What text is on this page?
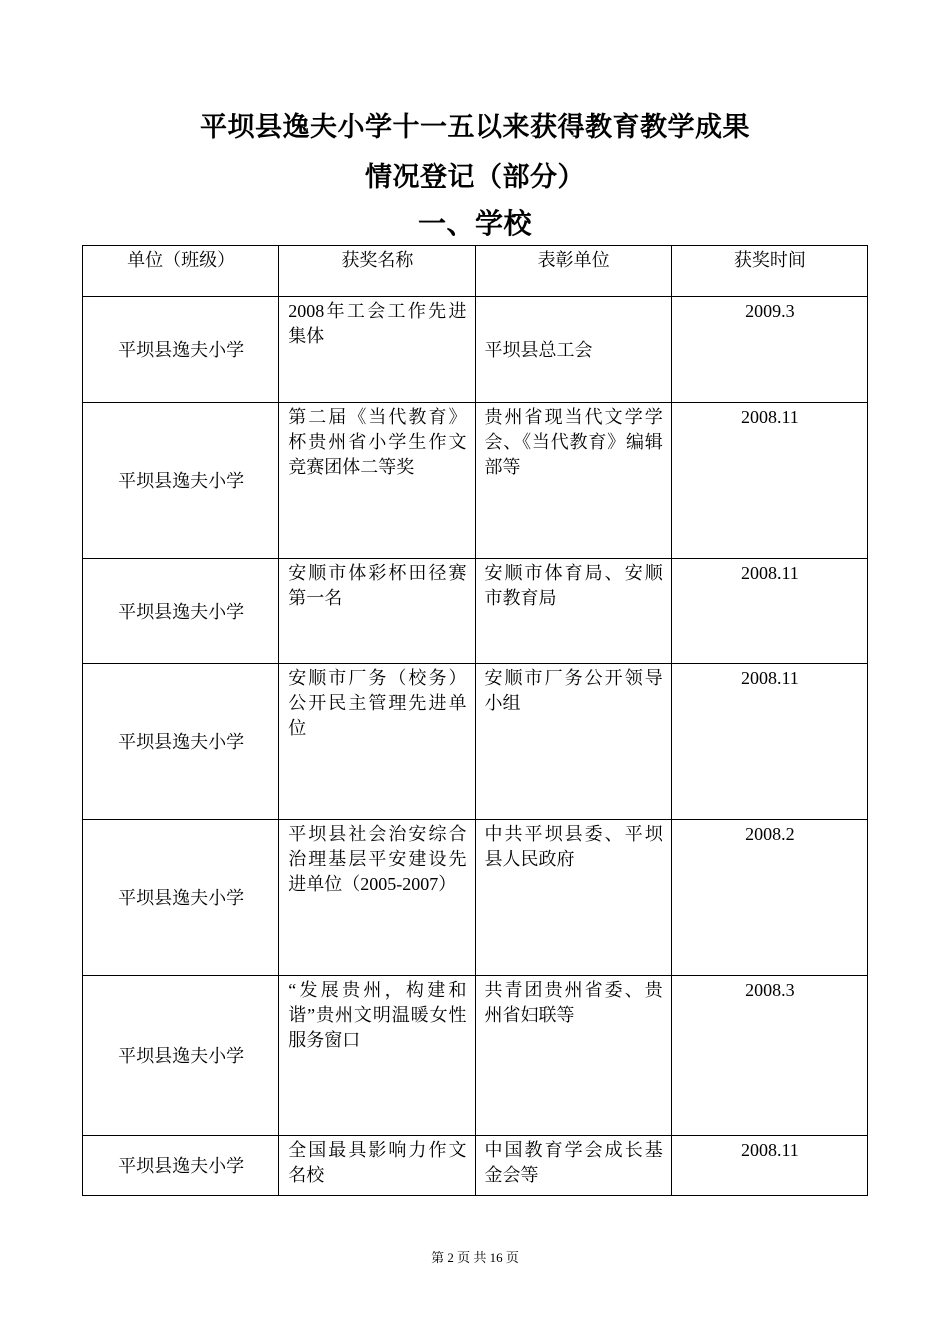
平坝县逸夫小学十一五以来获得教育教学成果
情况登记（部分）
一、学校
单位（班级）	获奖名称	表彰单位	获奖时间
平坝县逸夫小学	2008年工会工作先进集体	平坝县总工会	2009.3
平坝县逸夫小学	第二届《当代教育》杯贵州省小学生作文竞赛团体二等奖	贵州省现当代文学学会、《当代教育》编辑部等	2008.11
平坝县逸夫小学	安顺市体彩杯田径赛第一名	安顺市体育局、安顺市教育局	2008.11
平坝县逸夫小学	安顺市厂务（校务）公开民主管理先进单位	安顺市厂务公开领导小组	2008.11
平坝县逸夫小学	平坝县社会治安综合治理基层平安建设先进单位（2005-2007）	中共平坝县委、平坝县人民政府	2008.2
平坝县逸夫小学	“发展贵州，构建和谐”贵州文明温暖女性服务窗口	共青团贵州省委、贵州省妇联等	2008.3
平坝县逸夫小学	全国最具影响力作文名校	中国教育学会成长基金会等	2008.11
第 2 页 共 16 页
